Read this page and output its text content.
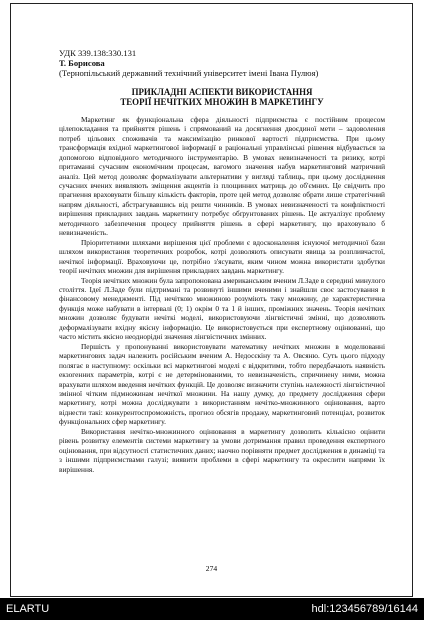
УДК 339.138:330.131
Т. Борисова
(Тернопільський державний технічний університет імені Івана Пулюя)
ПРИКЛАДНІ АСПЕКТИ ВИКОРИСТАННЯ
ТЕОРІЇ НЕЧІТКИХ МНОЖИН В МАРКЕТИНГУ

Маркетинг як функціональна сфера діяльності підприємства є постійним процесом цілепокладання та прийняття рішень і спрямований на досягнення двоєдиної мети – задоволення потреб цільових споживачів та максимізацію ринкової вартості підприємства. При цьому трансформація вхідної маркетингової інформації в раціональні управлінські рішення відбувається за допомогою відповідного методичного інструментарію. В умовах невизначеності та ризику, котрі притаманні сучасним економічним процесам, вагомого значення набув маркетинговий матричний аналіз. Цей метод дозволяє формалізувати альтернативи у вигляді таблиць, при цьому дослідження сучасних вчених виявляють зміщення акцентів із площинних матриць до об'ємних. Це свідчить про прагнення враховувати більшу кількість факторів, проте цей метод дозволяє обрати лише стратегічний напрям діяльності, абстрагувавшись від решти чинників. В умовах невизначеності та конфліктності вирішення прикладних завдань маркетингу потребує обґрунтованих рішень. Це актуалізує проблему методичного забезпечення процесу прийняття рішень в сфері маркетингу, що враховувало б невизначеність.

Пріоритетними шляхами вирішення цієї проблеми є вдосконалення існуючої методичної бази шляхом використання теоретичних розробок, котрі дозволяють описувати явища за розпливчастої, нечіткої інформації. Враховуючи це, потрібно з'ясувати, яким чином можна використати здобутки теорії нечітких множин для вирішення прикладних завдань маркетингу.

Теорія нечітких множин була запропонована американським вченим Л.Заде в середині минулого століття. Ідеї Л.Заде були підтримані та розвинуті іншими вченими і знайшли своє застосування в фінансовому менеджменті. Під нечіткою множиною розуміють таку множину, де характеристична функція може набувати в інтервалі (0; 1) окрім 0 та 1 й інших, проміжних значень. Теорія нечітких множин дозволяє будувати нечіткі моделі, використовуючи лінгвістичні змінні, що дозволяють деформалізувати вхідну якісну інформацію. Це використовується при експертному оцінюванні, що часто містить якісно неоднорідні значення лінгвістичних змінних.

Першість у пропонуванні використовувати математику нечітких множин в моделюванні маркетингових задач належить російським вченим А. Недосєкіну та А. Овсяню. Суть цього підходу полягає в наступному: оскільки всі маркетингові моделі є відкритими, тобто передбачають наявність екзогенних параметрів, котрі є не детермінованими, то невизначеність, спричинену ними, можна врахувати шляхом введення нечітких функцій. Це дозволяє визначити ступінь належності лінгвістичної змінної чітким підмножинам нечіткої множини. На нашу думку, до предмету дослідження сфери маркетингу, котрі можна досліджувати з використанням нечітко-множинного оцінювання, варто віднести такі: конкурентоспроможність, прогноз обсягів продажу, маркетинговий потенціал, розвиток функціональних сфер маркетингу.

Використання нечітко-множинного оцінювання в маркетингу дозволить кількісно оцінити рівень розвитку елементів системи маркетингу за умови дотримання правил проведення експертного оцінювання, при відсутності статистичних даних; наочно порівняти предмет дослідження в динаміці та з іншими підприємствами галузі; виявити проблеми в сфері маркетингу та окреслити напрями їх вирішення.

274
ELARTU	hdl:123456789/16144
